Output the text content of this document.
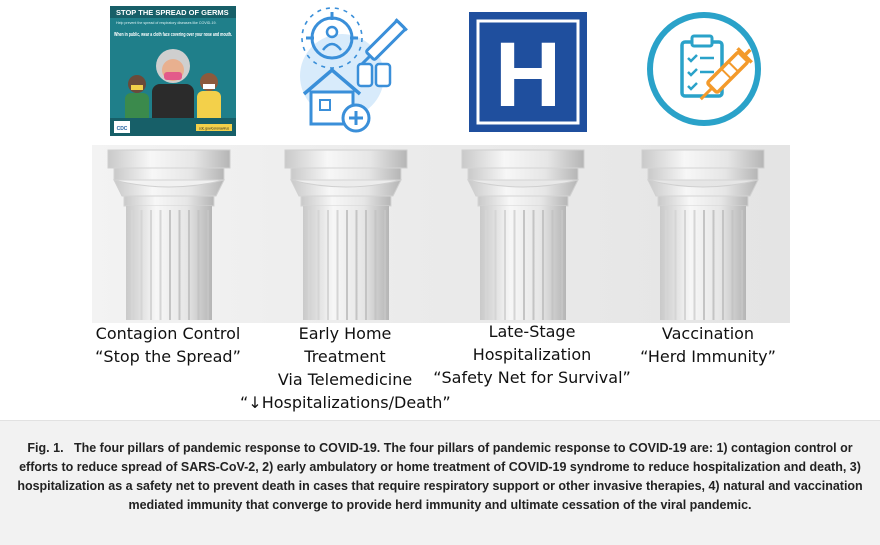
STOP THE SPREAD OF GERMS
Help prevent the spread of respiratory diseases like COVID-19.
When in public, wear a cloth face covering over your nose and mouth.
CDC	cdc.gov/coronavirus
H
Contagion Control
“Stop the Spread”
Early Home
Treatment
Via Telemedicine
“↓Hospitalizations/Death”
Late-Stage
Hospitalization
“Safety Net for Survival”
Vaccination
“Herd Immunity”

Fig. 1. The four pillars of pandemic response to COVID-19. The four pillars of pandemic response to COVID-19 are: 1) contagion control or efforts to reduce spread of SARS-CoV-2, 2) early ambulatory or home treatment of COVID-19 syndrome to reduce hospitalization and death, 3) hospitalization as a safety net to prevent death in cases that require respiratory support or other invasive therapies, 4) natural and vaccination mediated immunity that converge to provide herd immunity and ultimate cessation of the viral pandemic.
